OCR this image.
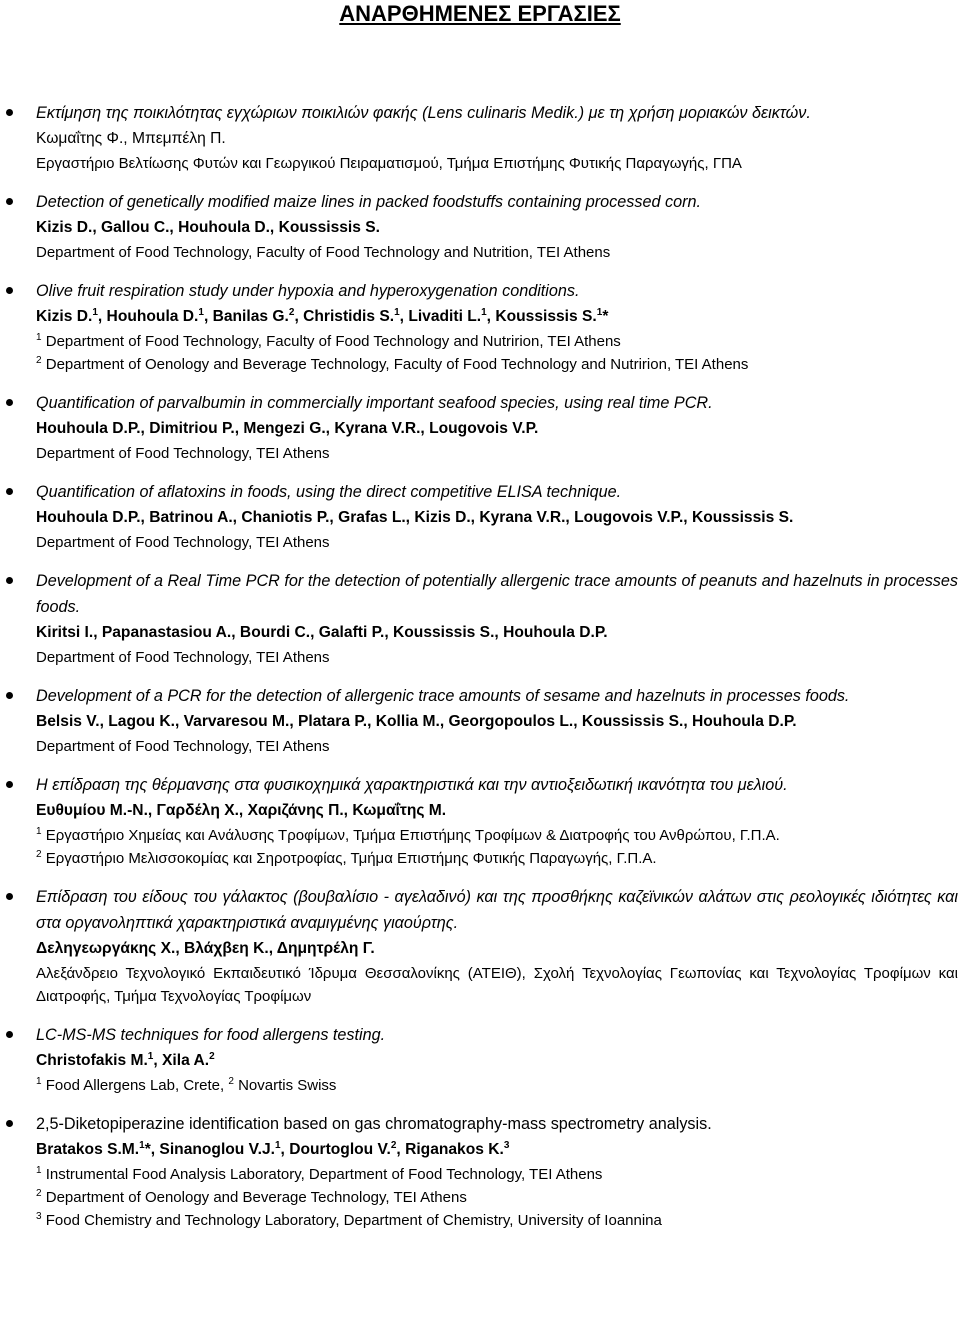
ΑΝΑΡΘΗΜΕΝΕΣ ΕΡΓΑΣΙΕΣ
Εκτίμηση της ποικιλότητας εγχώριων ποικιλιών φακής (Lens culinaris Medik.) με τη χρήση μοριακών δεικτών.
Κωμαΐτης Φ., Μπεμπέλη Π.
Εργαστήριο Βελτίωσης Φυτών και Γεωργικού Πειραματισμού, Τμήμα Επιστήμης Φυτικής Παραγωγής, ΓΠΑ
Detection of genetically modified maize lines in packed foodstuffs containing processed corn.
Kizis D., Gallou C., Houhoula D., Koussissis S.
Department of Food Technology, Faculty of Food Technology and Nutrition, TEI Athens
Olive fruit respiration study under hypoxia and hyperoxygenation conditions.
Kizis D.$^1$, Houhoula D.$^1$, Banilas G.$^2$, Christidis S.$^1$, Livaditi L.$^1$, Koussissis S.$^1$*
$^1$ Department of Food Technology, Faculty of Food Technology and Nutririon, TEI Athens
$^2$ Department of Oenology and Beverage Technology, Faculty of Food Technology and Nutririon, TEI Athens
Quantification of parvalbumin in commercially important seafood species, using real time PCR.
Houhoula D.P., Dimitriou P., Mengezi G., Kyrana V.R., Lougovois V.P.
Department of Food Technology, TEI Athens
Quantification of aflatoxins in foods, using the direct competitive ELISA technique.
Houhoula D.P., Batrinou A., Chaniotis P., Grafas L., Kizis D., Kyrana V.R., Lougovois V.P., Koussissis S.
Department of Food Technology, TEI Athens
Development of a Real Time PCR for the detection of potentially allergenic trace amounts of peanuts and hazelnuts in processes foods.
Kiritsi I., Papanastasiou A., Bourdi C., Galafti P., Koussissis S., Houhoula D.P.
Department of Food Technology, TEI Athens
Development of a PCR for the detection of allergenic trace amounts of sesame and hazelnuts in processes foods.
Belsis V., Lagou K., Varvaresou M., Platara P., Kollia M., Georgopoulos L., Koussissis S., Houhoula D.P.
Department of Food Technology, TEI Athens
Η επίδραση της θέρμανσης στα φυσικοχημικά χαρακτηριστικά και την αντιοξειδωτική ικανότητα του μελιού.
Ευθυμίου Μ.-Ν., Γαρδέλη Χ., Χαριζάνης Π., Κωμαΐτης Μ.
$^1$ Εργαστήριο Χημείας και Ανάλυσης Τροφίμων, Τμήμα Επιστήμης Τροφίμων & Διατροφής του Ανθρώπου, Γ.Π.Α.
$^2$ Εργαστήριο Μελισσοκομίας και Σηροτροφίας, Τμήμα Επιστήμης Φυτικής Παραγωγής, Γ.Π.Α.
Επίδραση του είδους του γάλακτος (βουβαλίσιο - αγελαδινό) και της προσθήκης καζεϊνικών αλάτων στις ρεολογικές ιδιότητες και στα οργανοληπτικά χαρακτηριστικά αναμιγμένης γιαούρτης.
Δεληγεωργάκης Χ., Βλάχβεη Κ., Δημητρέλη Γ.
Αλεξάνδρειο Τεχνολογικό Εκπαιδευτικό Ίδρυμα Θεσσαλονίκης (ΑΤΕΙΘ), Σχολή Τεχνολογίας Γεωπονίας και Τεχνολογίας Τροφίμων και Διατροφής, Τμήμα Τεχνολογίας Τροφίμων
LC-MS-MS techniques for food allergens testing.
Christofakis M.$^1$, Xila A.$^2$
$^1$ Food Allergens Lab, Crete, $^2$ Novartis Swiss
2,5-Diketopiperazine identification based on gas chromatography-mass spectrometry analysis.
Bratakos S.M.$^1$*, Sinanoglou V.J.$^1$, Dourtoglou V.$^2$, Riganakos K.$^3$
$^1$ Instrumental Food Analysis Laboratory, Department of Food Technology, TEI Athens
$^2$ Department of Oenology and Beverage Technology, TEI Athens
$^3$ Food Chemistry and Technology Laboratory, Department of Chemistry, University of Ioannina
